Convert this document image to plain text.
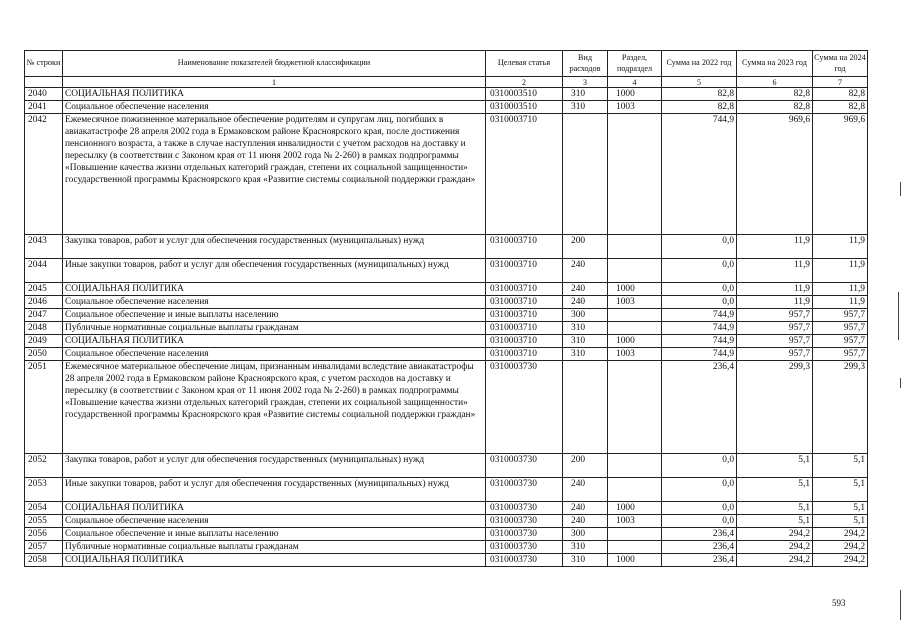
№ строки	Наименование показателей бюджетной классификации	Целевая статья	Вид расходов	Раздел, подраздел	Сумма на 2022 год	Сумма на 2023 год	Сумма на 2024 год
	1	2	3	4	5	6	7
2040	СОЦИАЛЬНАЯ ПОЛИТИКА	0310003510	310	1000	82,8	82,8	82,8
2041	Социальное обеспечение населения	0310003510	310	1003	82,8	82,8	82,8
2042	Ежемесячное пожизненное материальное обеспечение родителям и супругам лиц, погибших в авиакатастрофе 28 апреля 2002 года в Ермаковском районе Красноярского края, после достижения пенсионного возраста, а также в случае наступления инвалидности с учетом расходов на доставку и пересылку (в соответствии с Законом края от 11 июня 2002 года № 2-260) в рамках подпрограммы «Повышение качества жизни отдельных категорий граждан, степени их социальной защищенности» государственной программы Красноярского края «Развитие системы социальной поддержки граждан»	0310003710			744,9	969,6	969,6
2043	Закупка товаров, работ и услуг для обеспечения государственных (муниципальных) нужд	0310003710	200		0,0	11,9	11,9
2044	Иные закупки товаров, работ и услуг для обеспечения государственных (муниципальных) нужд	0310003710	240		0,0	11,9	11,9
2045	СОЦИАЛЬНАЯ ПОЛИТИКА	0310003710	240	1000	0,0	11,9	11,9
2046	Социальное обеспечение населения	0310003710	240	1003	0,0	11,9	11,9
2047	Социальное обеспечение и иные выплаты населению	0310003710	300		744,9	957,7	957,7
2048	Публичные нормативные социальные выплаты гражданам	0310003710	310		744,9	957,7	957,7
2049	СОЦИАЛЬНАЯ ПОЛИТИКА	0310003710	310	1000	744,9	957,7	957,7
2050	Социальное обеспечение населения	0310003710	310	1003	744,9	957,7	957,7
2051	Ежемесячное материальное обеспечение лицам, признанным инвалидами вследствие авиакатастрофы 28 апреля 2002 года в Ермаковском районе Красноярского края, с учетом расходов на доставку и пересылку (в соответствии с Законом края от 11 июня 2002 года № 2-260) в рамках подпрограммы «Повышение качества жизни отдельных категорий граждан, степени их социальной защищенности» государственной программы Красноярского края «Развитие системы социальной поддержки граждан»	0310003730			236,4	299,3	299,3
2052	Закупка товаров, работ и услуг для обеспечения государственных (муниципальных) нужд	0310003730	200		0,0	5,1	5,1
2053	Иные закупки товаров, работ и услуг для обеспечения государственных (муниципальных) нужд	0310003730	240		0,0	5,1	5,1
2054	СОЦИАЛЬНАЯ ПОЛИТИКА	0310003730	240	1000	0,0	5,1	5,1
2055	Социальное обеспечение населения	0310003730	240	1003	0,0	5,1	5,1
2056	Социальное обеспечение и иные выплаты населению	0310003730	300		236,4	294,2	294,2
2057	Публичные нормативные социальные выплаты гражданам	0310003730	310		236,4	294,2	294,2
2058	СОЦИАЛЬНАЯ ПОЛИТИКА	0310003730	310	1000	236,4	294,2	294,2
593
